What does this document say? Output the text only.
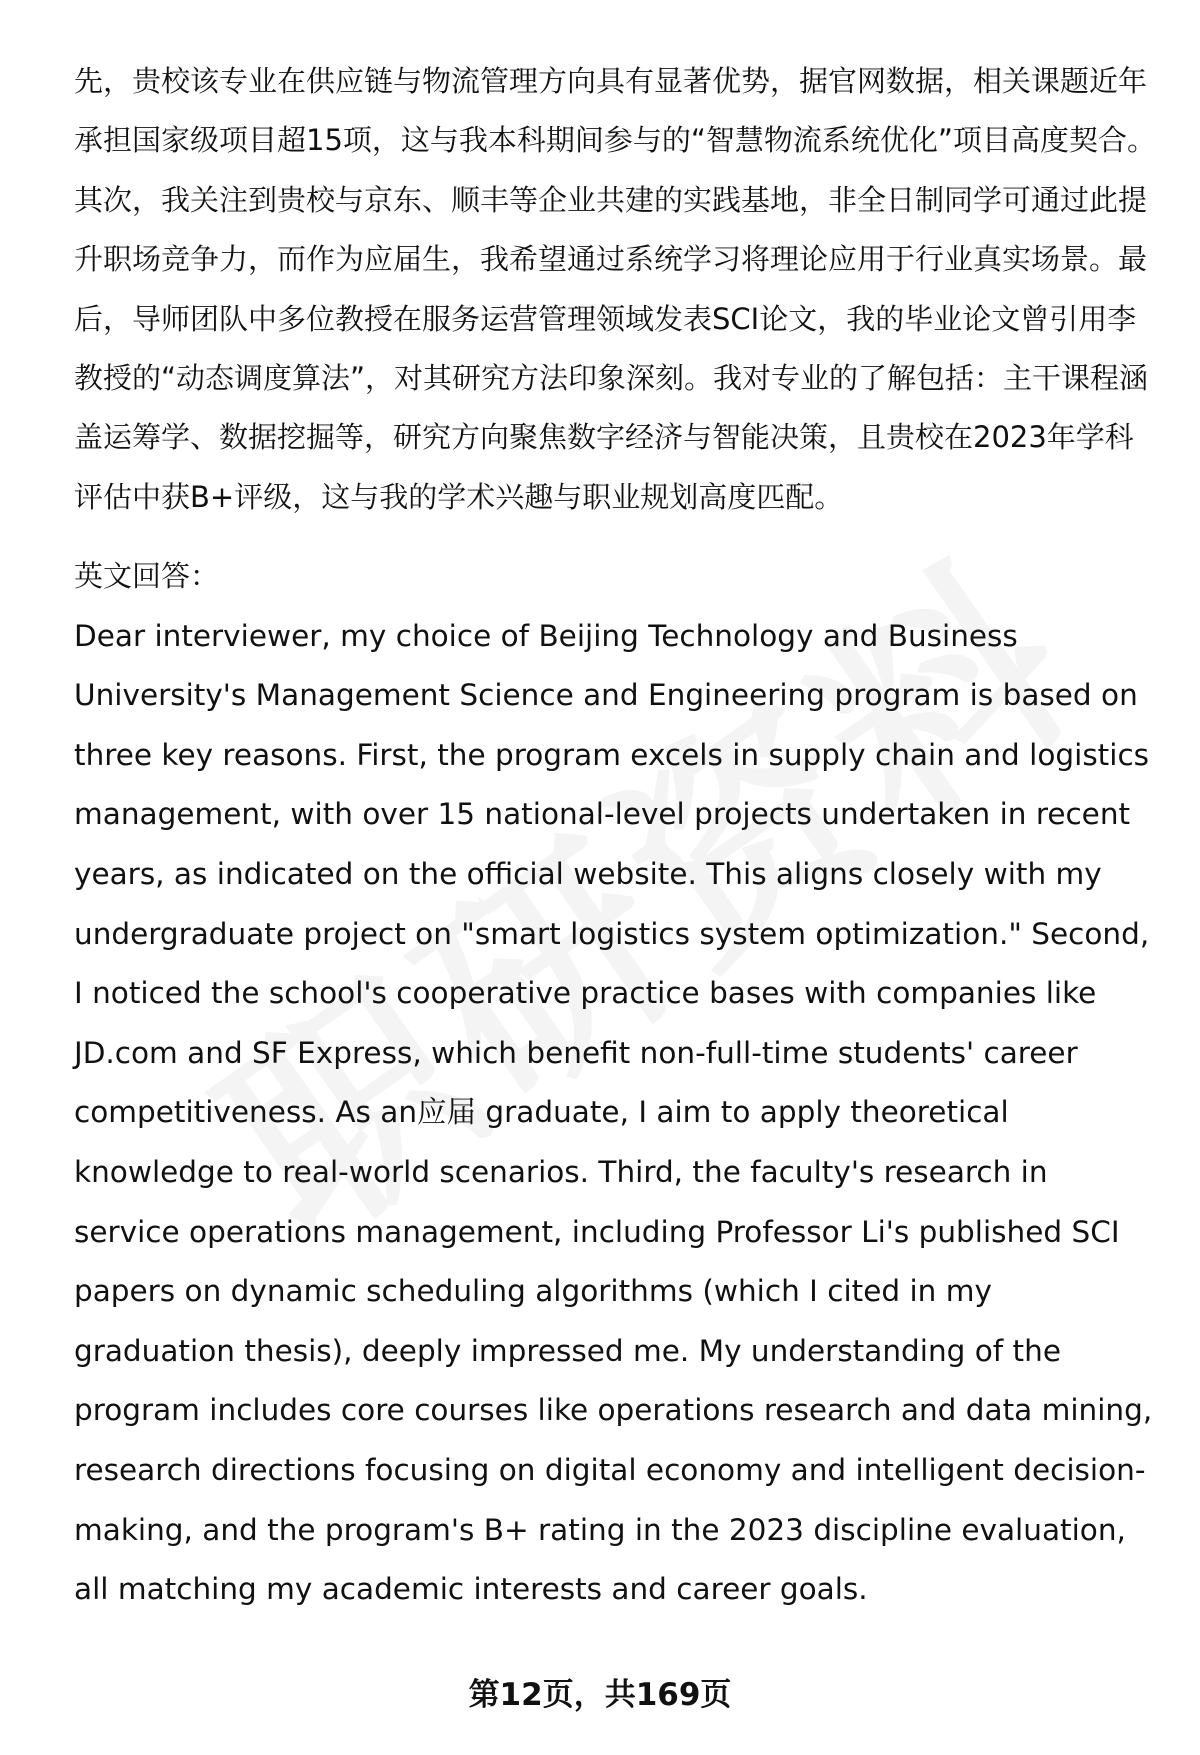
先，贵校该专业在供应链与物流管理方向具有显著优势，据官网数据，相关课题近年承担国家级项目超15项，这与我本科期间参与的“智慧物流系统优化”项目高度契合。其次，我关注到贵校与京东、顺丰等企业共建的实践基地，非全日制同学可通过此提升职场竞争力，而作为应届生，我希望通过系统学习将理论应用于行业真实场景。最后，导师团队中多位教授在服务运营管理领域发表SCI论文，我的毕业论文曾引用李教授的“动态调度算法”，对其研究方法印象深刻。我对专业的了解包括：主干课程涵盖运筹学、数据挖掘等，研究方向聚焦数字经济与智能决策，且贵校在2023年学科评估中获B+评级，这与我的学术兴趣与职业规划高度匹配。

英文回答：

Dear interviewer, my choice of Beijing Technology and Business University's Management Science and Engineering program is based on three key reasons. First, the program excels in supply chain and logistics management, with over 15 national-level projects undertaken in recent years, as indicated on the official website. This aligns closely with my undergraduate project on "smart logistics system optimization." Second, I noticed the school's cooperative practice bases with companies like JD.com and SF Express, which benefit non-full-time students' career competitiveness. As an应届 graduate, I aim to apply theoretical knowledge to real-world scenarios. Third, the faculty's research in service operations management, including Professor Li's published SCI papers on dynamic scheduling algorithms (which I cited in my graduation thesis), deeply impressed me. My understanding of the program includes core courses like operations research and data mining, research directions focusing on digital economy and intelligent decision-making, and the program's B+ rating in the 2023 discipline evaluation, all matching my academic interests and career goals.

第12页，共169页
